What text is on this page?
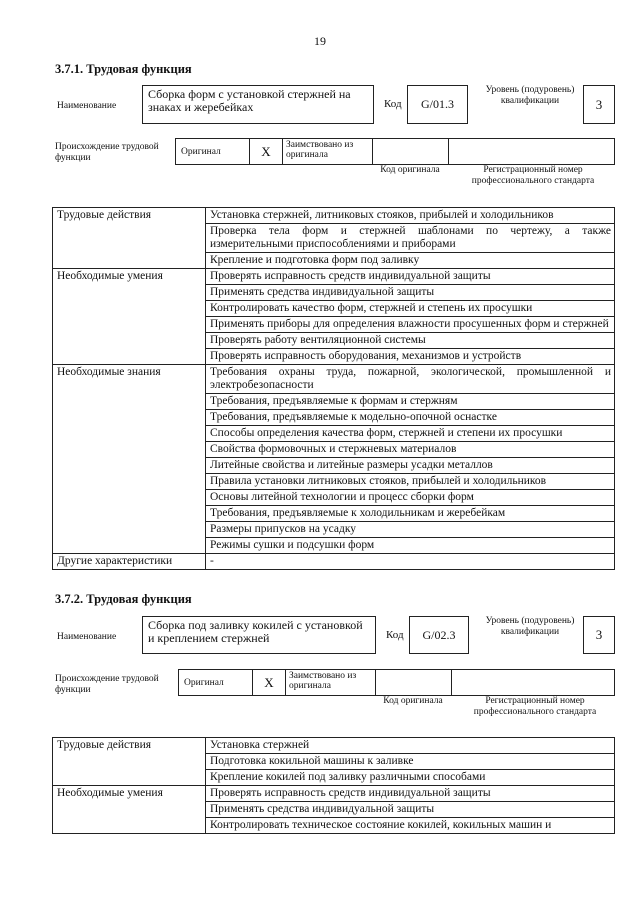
19
3.7.1. Трудовая функция
Наименование
Сборка форм с установкой стержней на знаках и жеребейках	Код	G/01.3
Уровень (подуровень) квалификации	3
Происхождение трудовой функции
Оригинал	X	Заимствовано из оригинала
Код оригинала	Регистрационный номер профессионального стандарта
Трудовые действия	Установка стержней, литниковых стояков, прибылей и холодильников
	Проверка тела форм и стержней шаблонами по чертежу, а также измерительными приспособлениями и приборами
	Крепление и подготовка форм под заливку
Необходимые умения	Проверять исправность средств индивидуальной защиты
	Применять средства индивидуальной защиты
	Контролировать качество форм, стержней и степень их просушки
	Применять приборы для определения влажности просушенных форм и стержней
	Проверять работу вентиляционной системы
	Проверять исправность оборудования, механизмов и устройств
Необходимые знания	Требования охраны труда, пожарной, экологической, промышленной и электробезопасности
	Требования, предъявляемые к формам и стержням
	Требования, предъявляемые к модельно-опочной оснастке
	Способы определения качества форм, стержней и степени их просушки
	Свойства формовочных и стержневых материалов
	Литейные свойства и литейные размеры усадки металлов
	Правила установки литниковых стояков, прибылей и холодильников
	Основы литейной технологии и процесс сборки форм
	Требования, предъявляемые к холодильникам и жеребейкам
	Размеры припусков на усадку
	Режимы сушки и подсушки форм
Другие характеристики	-
3.7.2. Трудовая функция
Наименование
Сборка под заливку кокилей с установкой и креплением стержней	Код	G/02.3
Уровень (подуровень) квалификации	3
Происхождение трудовой функции
Оригинал	X	Заимствовано из оригинала
Код оригинала	Регистрационный номер профессионального стандарта
Трудовые действия	Установка стержней
	Подготовка кокильной машины к заливке
	Крепление кокилей под заливку различными способами
Необходимые умения	Проверять исправность средств индивидуальной защиты
	Применять средства индивидуальной защиты
	Контролировать техническое состояние кокилей, кокильных машин и
